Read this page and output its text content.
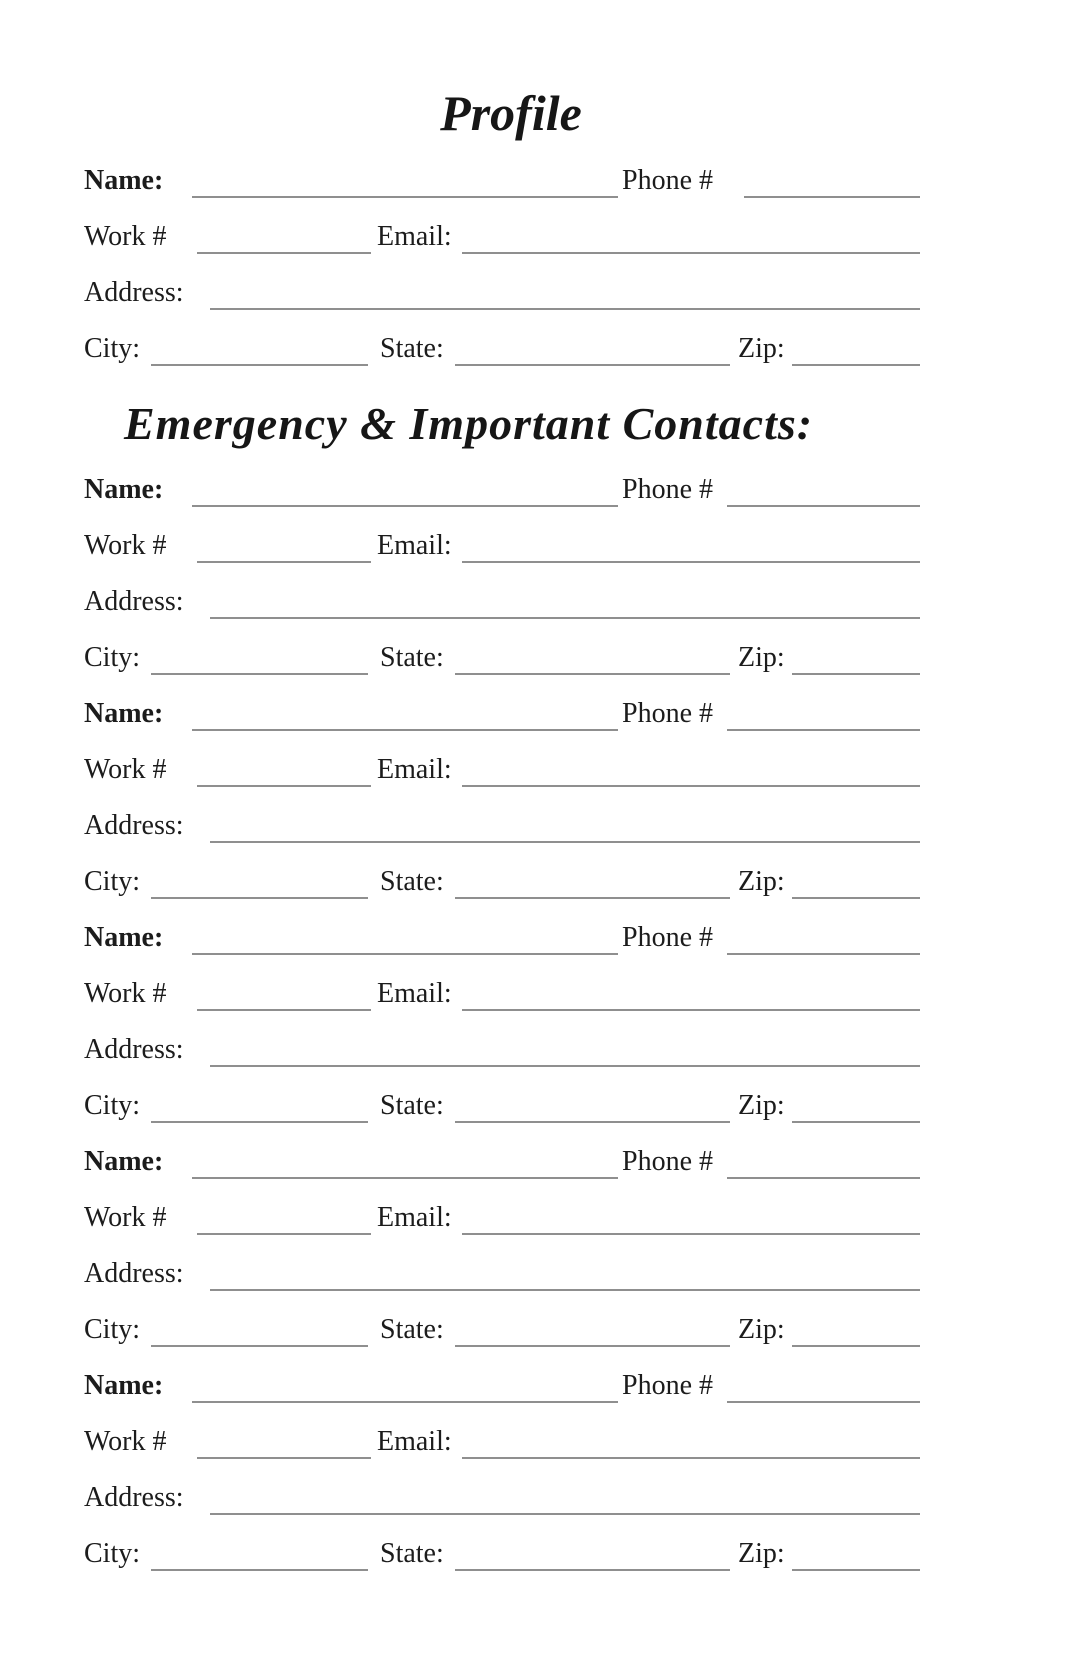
Profile
Name:	Phone #
Work #	Email:
Address:
City:	State:	Zip:
Emergency & Important Contacts:
Name:	Phone #
Work #	Email:
Address:
City:	State:	Zip:
Name:	Phone #
Work #	Email:
Address:
City:	State:	Zip:
Name:	Phone #
Work #	Email:
Address:
City:	State:	Zip:
Name:	Phone #
Work #	Email:
Address:
City:	State:	Zip:
Name:	Phone #
Work #	Email:
Address:
City:	State:	Zip:
